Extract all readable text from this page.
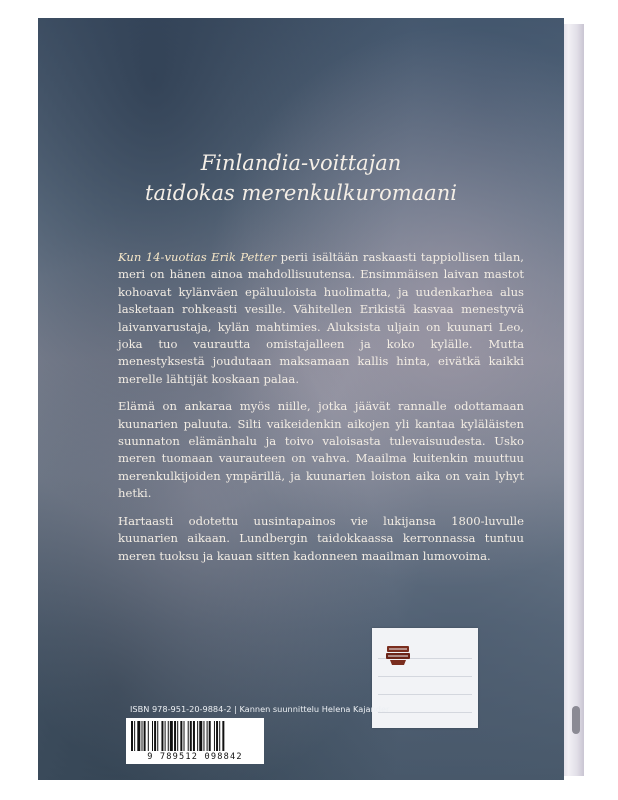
Finlandia-voittajan
taidokas merenkulkuromaani

Kun 14-vuotias Erik Petter perii isältään raskaasti tappiollisen tilan, meri on hänen ainoa mahdollisuutensa. Ensimmäisen laivan mastot kohoavat kylänväen epäluuloista huolimatta, ja uudenkarhea alus lasketaan rohkeasti vesille. Vähitellen Erikistä kasvaa menestyvä laivanvarustaja, kylän mahtimies. Aluksista uljain on kuunari Leo, joka tuo vaurautta omistajalleen ja koko kylälle. Mutta menestyksestä joudutaan maksamaan kallis hinta, eivätkä kaikki merelle lähtijät koskaan palaa.

Elämä on ankaraa myös niille, jotka jäävät rannalle odottamaan kuunarien paluuta. Silti vaikeidenkin aikojen yli kantaa kyläläisten suunnaton elämänhalu ja toivo valoisasta tulevaisuudesta. Usko meren tuomaan vaurauteen on vahva. Maailma kuitenkin muuttuu merenkulkijoiden ympärillä, ja kuunarien loiston aika on vain lyhyt hetki.

Hartaasti odotettu uusintapainos vie lukijansa 1800-luvulle kuunarien aikaan. Lundbergin taidokkaassa kerronnassa tuntuu meren tuoksu ja kauan sitten kadonneen maailman lumovoima.

ISBN 978-951-20-9884-2 | Kannen suunnittelu Helena Kajander
9 789512 098842
